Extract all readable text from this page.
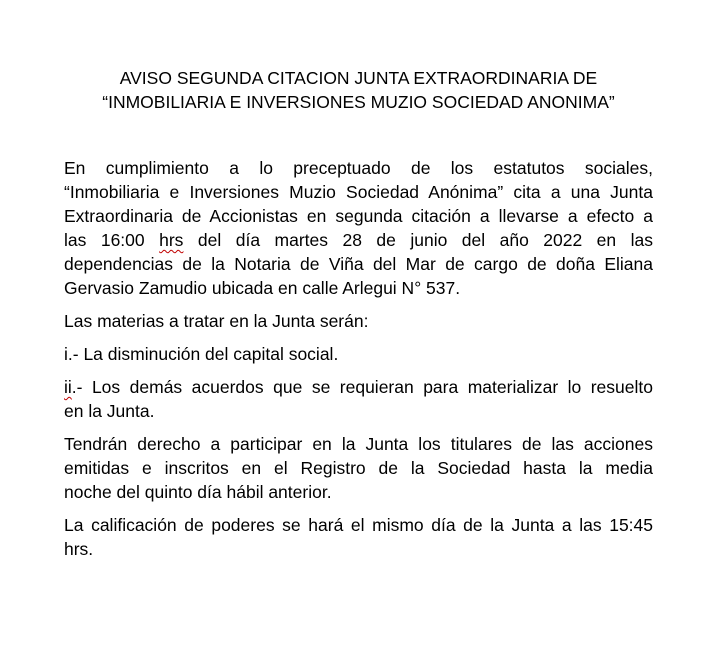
AVISO SEGUNDA CITACION JUNTA EXTRAORDINARIA DE
“INMOBILIARIA E INVERSIONES MUZIO SOCIEDAD ANONIMA”
En cumplimiento a lo preceptuado de los estatutos sociales,
“Inmobiliaria e Inversiones Muzio Sociedad Anónima” cita a una Junta
Extraordinaria de Accionistas en segunda citación a llevarse a efecto a
las 16:00 hrs del día martes 28 de junio del año 2022 en las
dependencias de la Notaria de Viña del Mar de cargo de doña Eliana
Gervasio Zamudio ubicada en calle Arlegui N° 537.

Las materias a tratar en la Junta serán:

i.- La disminución del capital social.

ii.- Los demás acuerdos que se requieran para materializar lo resuelto
en la Junta.
Tendrán derecho a participar en la Junta los titulares de las acciones
emitidas e inscritos en el Registro de la Sociedad hasta la media
noche del quinto día hábil anterior.
La calificación de poderes se hará el mismo día de la Junta a las 15:45
hrs.
